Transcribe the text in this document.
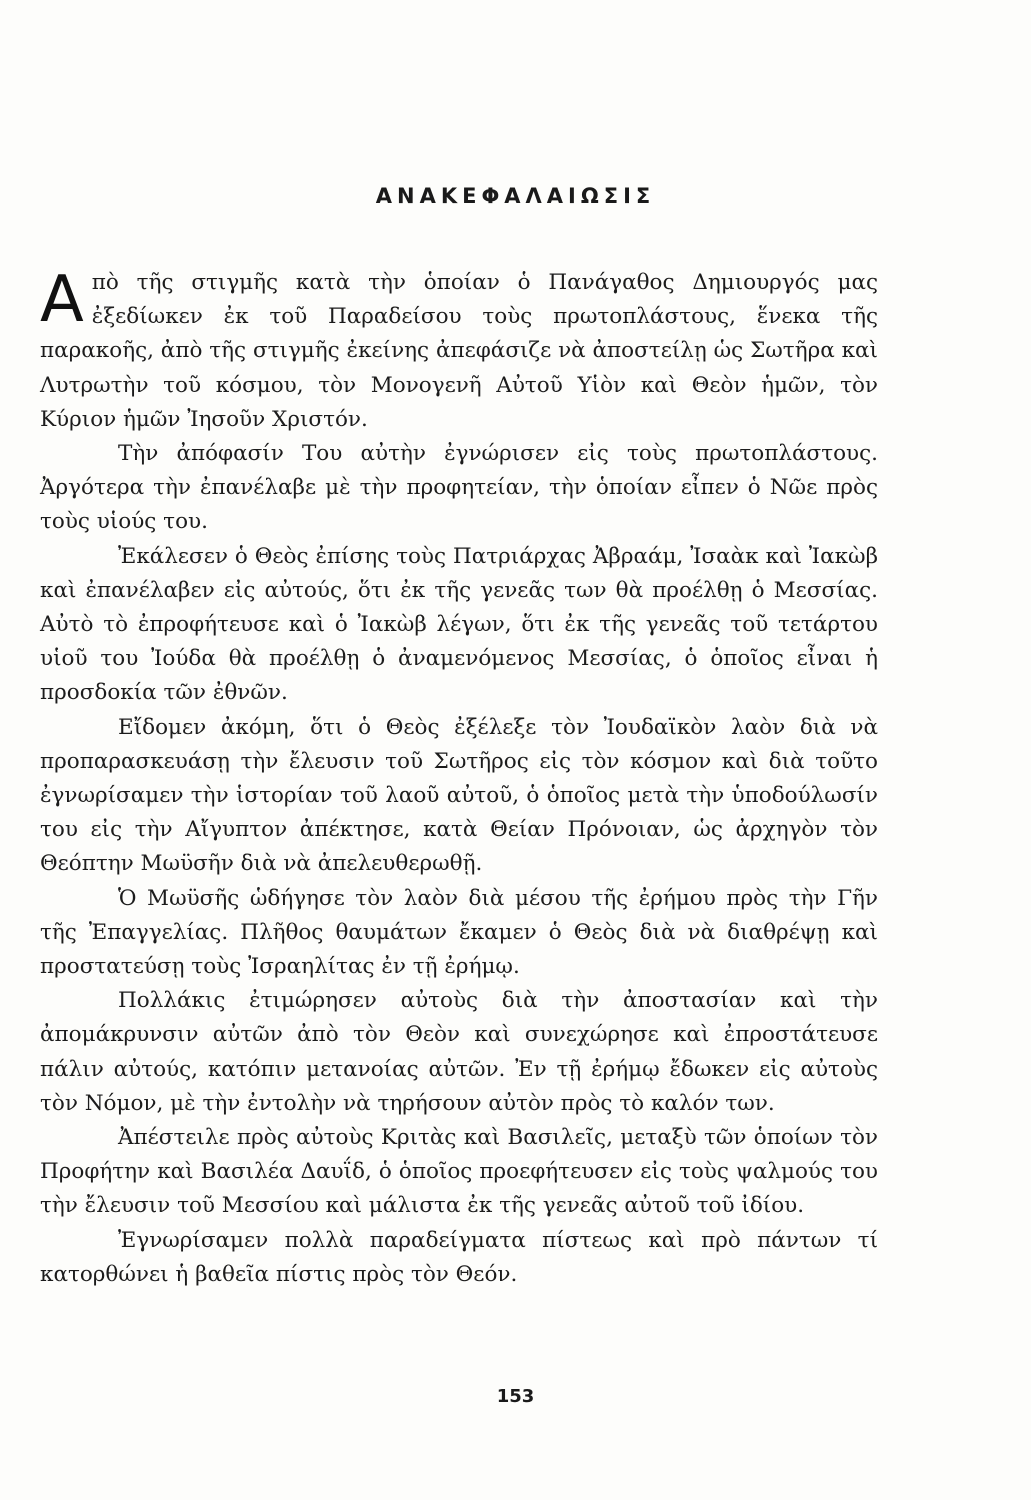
ΑΝΑΚΕΦΑΛΑΙΩΣΙΣ

Απὸ τῆς στιγμῆς κατὰ τὴν ὁποίαν ὁ Πανάγαθος Δημιουργός μας ἐξεδίωκεν ἐκ τοῦ Παραδείσου τοὺς πρωτοπλάστους, ἕνεκα τῆς παρακοῆς, ἀπὸ τῆς στιγμῆς ἐκείνης ἀπεφάσιζε νὰ ἀποστείλῃ ὡς Σωτῆρα καὶ Λυτρωτὴν τοῦ κόσμου, τὸν Μονογενῆ Αὐτοῦ Υἱὸν καὶ Θεὸν ἡμῶν, τὸν Κύριον ἡμῶν Ἰησοῦν Χριστόν.

Τὴν ἀπόφασίν Του αὐτὴν ἐγνώρισεν εἰς τοὺς πρωτοπλάστους. Ἀργότερα τὴν ἐπανέλαβε μὲ τὴν προφητείαν, τὴν ὁποίαν εἶπεν ὁ Νῶε πρὸς τοὺς υἱούς του.

Ἐκάλεσεν ὁ Θεὸς ἐπίσης τοὺς Πατριάρχας Ἀβραάμ, Ἰσαὰκ καὶ Ἰακὼβ καὶ ἐπανέλαβεν εἰς αὐτούς, ὅτι ἐκ τῆς γενεᾶς των θὰ προέλθῃ ὁ Μεσσίας. Αὐτὸ τὸ ἐπροφήτευσε καὶ ὁ Ἰακὼβ λέγων, ὅτι ἐκ τῆς γενεᾶς τοῦ τετάρτου υἱοῦ του Ἰούδα θὰ προέλθῃ ὁ ἀναμενόμενος Μεσσίας, ὁ ὁποῖος εἶναι ἡ προσδοκία τῶν ἐθνῶν.

Εἴδομεν ἀκόμη, ὅτι ὁ Θεὸς ἐξέλεξε τὸν Ἰουδαϊκὸν λαὸν διὰ νὰ προπαρασκευάσῃ τὴν ἔλευσιν τοῦ Σωτῆρος εἰς τὸν κόσμον καὶ διὰ τοῦτο ἐγνωρίσαμεν τὴν ἱστορίαν τοῦ λαοῦ αὐτοῦ, ὁ ὁποῖος μετὰ τὴν ὑποδούλωσίν του εἰς τὴν Αἴγυπτον ἀπέκτησε, κατὰ Θείαν Πρόνοιαν, ὡς ἀρχηγὸν τὸν Θεόπτην Μωϋσῆν διὰ νὰ ἀπελευθερωθῇ.

Ὁ Μωϋσῆς ὡδήγησε τὸν λαὸν διὰ μέσου τῆς ἐρήμου πρὸς τὴν Γῆν τῆς Ἐπαγγελίας. Πλῆθος θαυμάτων ἔκαμεν ὁ Θεὸς διὰ νὰ διαθρέψῃ καὶ προστατεύσῃ τοὺς Ἰσραηλίτας ἐν τῇ ἐρήμῳ.

Πολλάκις ἐτιμώρησεν αὐτοὺς διὰ τὴν ἀποστασίαν καὶ τὴν ἀπομάκρυνσιν αὐτῶν ἀπὸ τὸν Θεὸν καὶ συνεχώρησε καὶ ἐπροστάτευσε πάλιν αὐτούς, κατόπιν μετανοίας αὐτῶν. Ἐν τῇ ἐρήμῳ ἔδωκεν εἰς αὐτοὺς τὸν Νόμον, μὲ τὴν ἐντολὴν νὰ τηρήσουν αὐτὸν πρὸς τὸ καλόν των.

Ἀπέστειλε πρὸς αὐτοὺς Κριτὰς καὶ Βασιλεῖς, μεταξὺ τῶν ὁποίων τὸν Προφήτην καὶ Βασιλέα Δαυΐδ, ὁ ὁποῖος προεφήτευσεν εἰς τοὺς ψαλμούς του τὴν ἔλευσιν τοῦ Μεσσίου καὶ μάλιστα ἐκ τῆς γενεᾶς αὐτοῦ τοῦ ἰδίου.

Ἐγνωρίσαμεν πολλὰ παραδείγματα πίστεως καὶ πρὸ πάντων τί κατορθώνει ἡ βαθεῖα πίστις πρὸς τὸν Θεόν.

153
